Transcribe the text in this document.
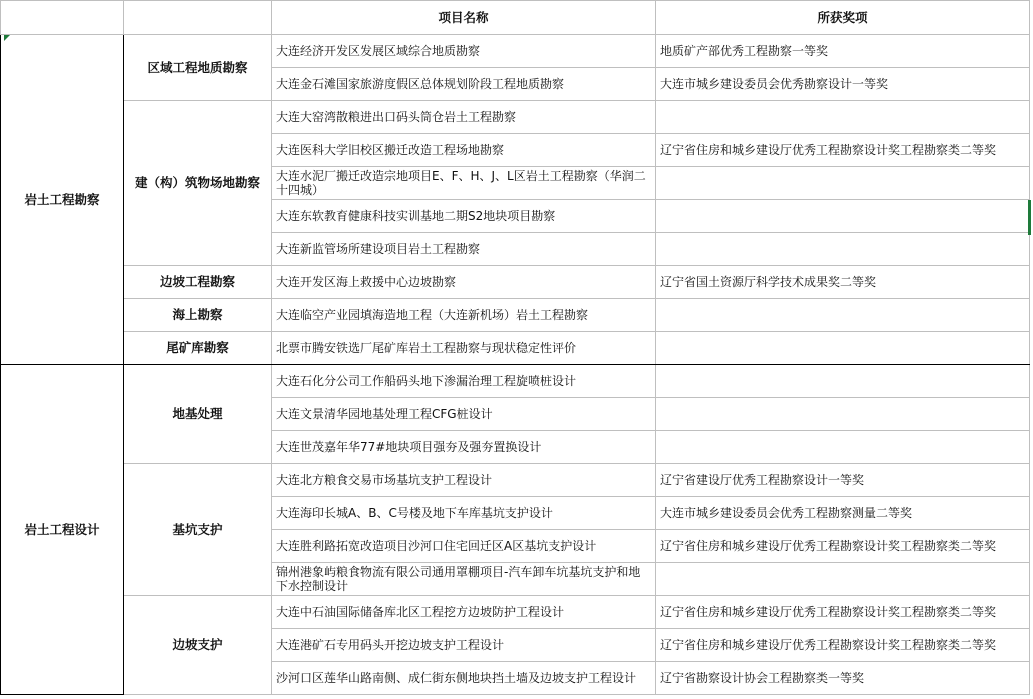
		项目名称	所获奖项
岩土工程勘察	区域工程地质勘察	大连经济开发区发展区域综合地质勘察	地质矿产部优秀工程勘察一等奖
		大连金石滩国家旅游度假区总体规划阶段工程地质勘察	大连市城乡建设委员会优秀勘察设计一等奖
	建（构）筑物场地勘察	大连大窑湾散粮进出口码头筒仓岩土工程勘察	
		大连医科大学旧校区搬迁改造工程场地勘察	辽宁省住房和城乡建设厅优秀工程勘察设计奖工程勘察类二等奖
		大连水泥厂搬迁改造宗地项目E、F、H、J、L区岩土工程勘察（华润二十四城）	
		大连东软教育健康科技实训基地二期S2地块项目勘察	
		大连新监管场所建设项目岩土工程勘察	
	边坡工程勘察	大连开发区海上救援中心边坡勘察	辽宁省国土资源厅科学技术成果奖二等奖
	海上勘察	大连临空产业园填海造地工程（大连新机场）岩土工程勘察	
	尾矿库勘察	北票市腾安铁选厂尾矿库岩土工程勘察与现状稳定性评价	
岩土工程设计	地基处理	大连石化分公司工作船码头地下渗漏治理工程旋喷桩设计	
		大连文景清华园地基处理工程CFG桩设计	
		大连世茂嘉年华77#地块项目强夯及强夯置换设计	
	基坑支护	大连北方粮食交易市场基坑支护工程设计	辽宁省建设厅优秀工程勘察设计一等奖
		大连海印长城A、B、C号楼及地下车库基坑支护设计	大连市城乡建设委员会优秀工程勘察测量二等奖
		大连胜利路拓宽改造项目沙河口住宅回迁区A区基坑支护设计	辽宁省住房和城乡建设厅优秀工程勘察设计奖工程勘察类二等奖
		锦州港象屿粮食物流有限公司通用罩棚项目-汽车卸车坑基坑支护和地下水控制设计	
	边坡支护	大连中石油国际储备库北区工程挖方边坡防护工程设计	辽宁省住房和城乡建设厅优秀工程勘察设计奖工程勘察类二等奖
		大连港矿石专用码头开挖边坡支护工程设计	辽宁省住房和城乡建设厅优秀工程勘察设计奖工程勘察类二等奖
		沙河口区莲华山路南侧、成仁街东侧地块挡土墙及边坡支护工程设计	辽宁省勘察设计协会工程勘察类一等奖
